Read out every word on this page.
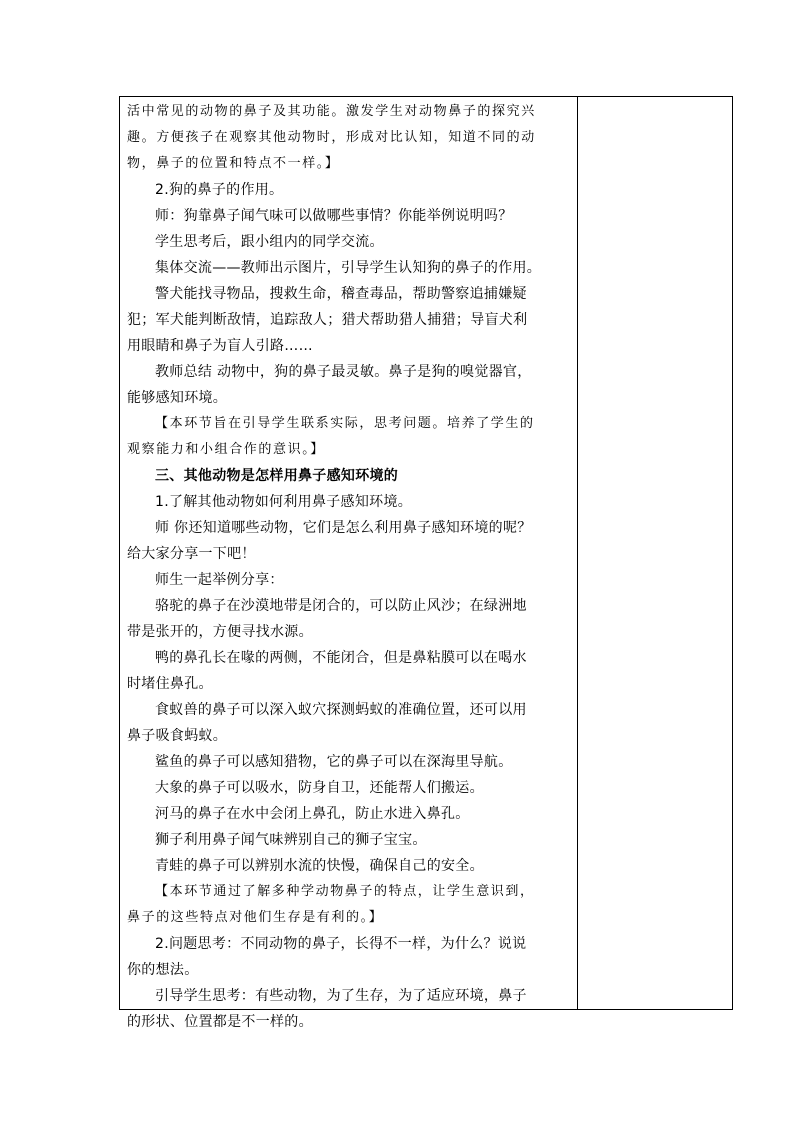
活中常见的动物的鼻子及其功能。激发学生对动物鼻子的探究兴
趣。方便孩子在观察其他动物时，形成对比认知，知道不同的动
物，鼻子的位置和特点不一样。】
2.狗的鼻子的作用。
师：狗靠鼻子闻气味可以做哪些事情？你能举例说明吗？
学生思考后，跟小组内的同学交流。
集体交流——教师出示图片，引导学生认知狗的鼻子的作用。
警犬能找寻物品，搜救生命，稽查毒品，帮助警察追捕嫌疑
犯；军犬能判断敌情，追踪敌人；猎犬帮助猎人捕猎；导盲犬利
用眼睛和鼻子为盲人引路……
教师总结 动物中，狗的鼻子最灵敏。鼻子是狗的嗅觉器官，
能够感知环境。
【本环节旨在引导学生联系实际，思考问题。培养了学生的
观察能力和小组合作的意识。】
三、其他动物是怎样用鼻子感知环境的
1.了解其他动物如何利用鼻子感知环境。
师 你还知道哪些动物，它们是怎么利用鼻子感知环境的呢？
给大家分享一下吧！
师生一起举例分享：
骆驼的鼻子在沙漠地带是闭合的，可以防止风沙；在绿洲地
带是张开的，方便寻找水源。
鸭的鼻孔长在喙的两侧，不能闭合，但是鼻粘膜可以在喝水
时堵住鼻孔。
食蚁兽的鼻子可以深入蚁穴探测蚂蚁的准确位置，还可以用
鼻子吸食蚂蚁。
鲨鱼的鼻子可以感知猎物，它的鼻子可以在深海里导航。
大象的鼻子可以吸水，防身自卫，还能帮人们搬运。
河马的鼻子在水中会闭上鼻孔，防止水进入鼻孔。
狮子利用鼻子闻气味辨别自己的狮子宝宝。
青蛙的鼻子可以辨别水流的快慢，确保自己的安全。
【本环节通过了解多种学动物鼻子的特点，让学生意识到，
鼻子的这些特点对他们生存是有利的。】
2.问题思考：不同动物的鼻子，长得不一样，为什么？说说
你的想法。
引导学生思考：有些动物，为了生存，为了适应环境，鼻子
的形状、位置都是不一样的。
